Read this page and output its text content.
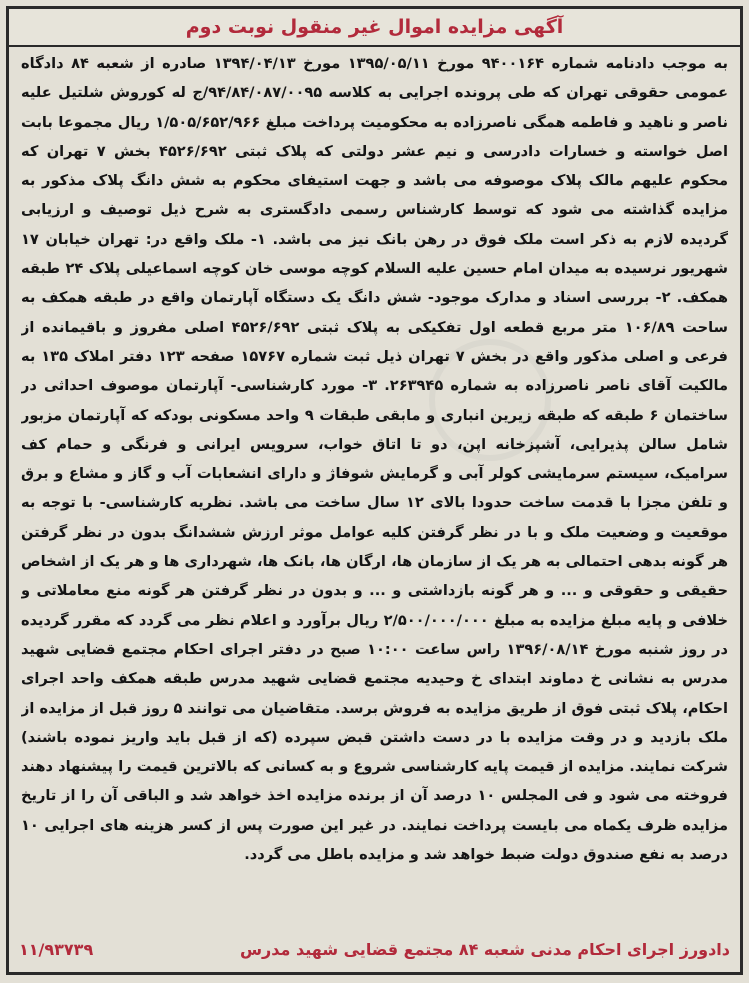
آگهی مزایده اموال غیر منقول نوبت دوم
به موجب دادنامه شماره ۹۴۰۰۱۶۴ مورخ ۱۳۹۵/۰۵/۱۱ مورخ ۱۳۹۴/۰۴/۱۳ صادره از شعبه ۸۴ دادگاه عمومی حقوقی تهران که طی پرونده اجرایی به کلاسه ۹۴/۸۴/۰۸۷/۰۰۹۵/ج له کوروش شلتیل علیه ناصر و ناهید و فاطمه همگی ناصرزاده به محکومیت پرداخت مبلغ ۱/۵۰۵/۶۵۲/۹۶۶ ریال مجموعا بابت اصل خواسته و خسارات دادرسی و نیم عشر دولتی که پلاک ثبتی ۴۵۲۶/۶۹۲ بخش ۷ تهران که محکوم علیهم مالک پلاک موصوفه می باشد و جهت استیفای محکوم به شش دانگ پلاک مذکور به مزایده گذاشته می شود که توسط کارشناس رسمی دادگستری به شرح ذیل توصیف و ارزیابی گردیده لازم به ذکر است ملک فوق در رهن بانک نیز می باشد. ۱- ملک واقع در: تهران خیابان ۱۷ شهریور نرسیده به میدان امام حسین علیه السلام کوچه موسی خان کوچه اسماعیلی پلاک ۲۴ طبقه همکف. ۲- بررسی اسناد و مدارک موجود- شش دانگ یک دستگاه آپارتمان واقع در طبقه همکف به ساحت ۱۰۶/۸۹ متر مربع قطعه اول تفکیکی به پلاک ثبتی ۴۵۲۶/۶۹۲ اصلی مفروز و باقیمانده از فرعی و اصلی مذکور واقع در بخش ۷ تهران ذیل ثبت شماره ۱۵۷۶۷ صفحه ۱۲۳ دفتر املاک ۱۳۵ به مالکیت آقای ناصر ناصرزاده به شماره ۲۶۳۹۴۵. ۳- مورد کارشناسی- آپارتمان موصوف احداثی در ساختمان ۶ طبقه که طبقه زیرین انباری و مابقی طبقات ۹ واحد مسکونی بودکه که آپارتمان مزبور شامل سالن پذیرایی، آشپزخانه اپن، دو تا اتاق خواب، سرویس ایرانی و فرنگی و حمام کف سرامیک، سیستم سرمایشی کولر آبی و گرمایش شوفاژ و دارای انشعابات آب و گاز و مشاع و برق و تلفن مجزا با قدمت ساخت حدودا بالای ۱۲ سال ساخت می باشد. نظریه کارشناسی- با توجه به موقعیت و وضعیت ملک و با در نظر گرفتن کلیه عوامل موثر ارزش ششدانگ بدون در نظر گرفتن هر گونه بدهی احتمالی به هر یک از سازمان ها، ارگان ها، بانک ها، شهرداری ها و هر یک از اشخاص حقیقی و حقوقی و ... و هر گونه بازداشتی و ... و بدون در نظر گرفتن هر گونه منع معاملاتی و خلافی و پایه مبلغ مزایده به مبلغ ۲/۵۰۰/۰۰۰/۰۰۰ ریال برآورد و اعلام نظر می گردد که مقرر گردیده در روز شنبه مورخ ۱۳۹۶/۰۸/۱۴ راس ساعت ۱۰:۰۰ صبح در دفتر اجرای احکام مجتمع قضایی شهید مدرس به نشانی خ دماوند ابتدای خ وحیدیه مجتمع قضایی شهید مدرس طبقه همکف واحد اجرای احکام، پلاک ثبتی فوق از طریق مزایده به فروش برسد. متقاضیان می توانند ۵ روز قبل از مزایده از ملک بازدید و در وقت مزایده با در دست داشتن قبض سپرده (که از قبل باید واریز نموده باشند) شرکت نمایند. مزایده از قیمت پایه کارشناسی شروع و به کسانی که بالاترین قیمت را پیشنهاد دهند فروخته می شود و فی المجلس ۱۰ درصد آن از برنده مزایده اخذ خواهد شد و الباقی آن را از تاریخ مزایده ظرف یکماه می بایست پرداخت نمایند. در غیر این صورت پس از کسر هزینه های اجرایی ۱۰ درصد به نفع صندوق دولت ضبط خواهد شد و مزایده باطل می گردد.
دادورز اجرای احکام مدنی شعبه ۸۴ مجتمع قضایی شهید مدرس
۱۱/۹۳۷۳۹
